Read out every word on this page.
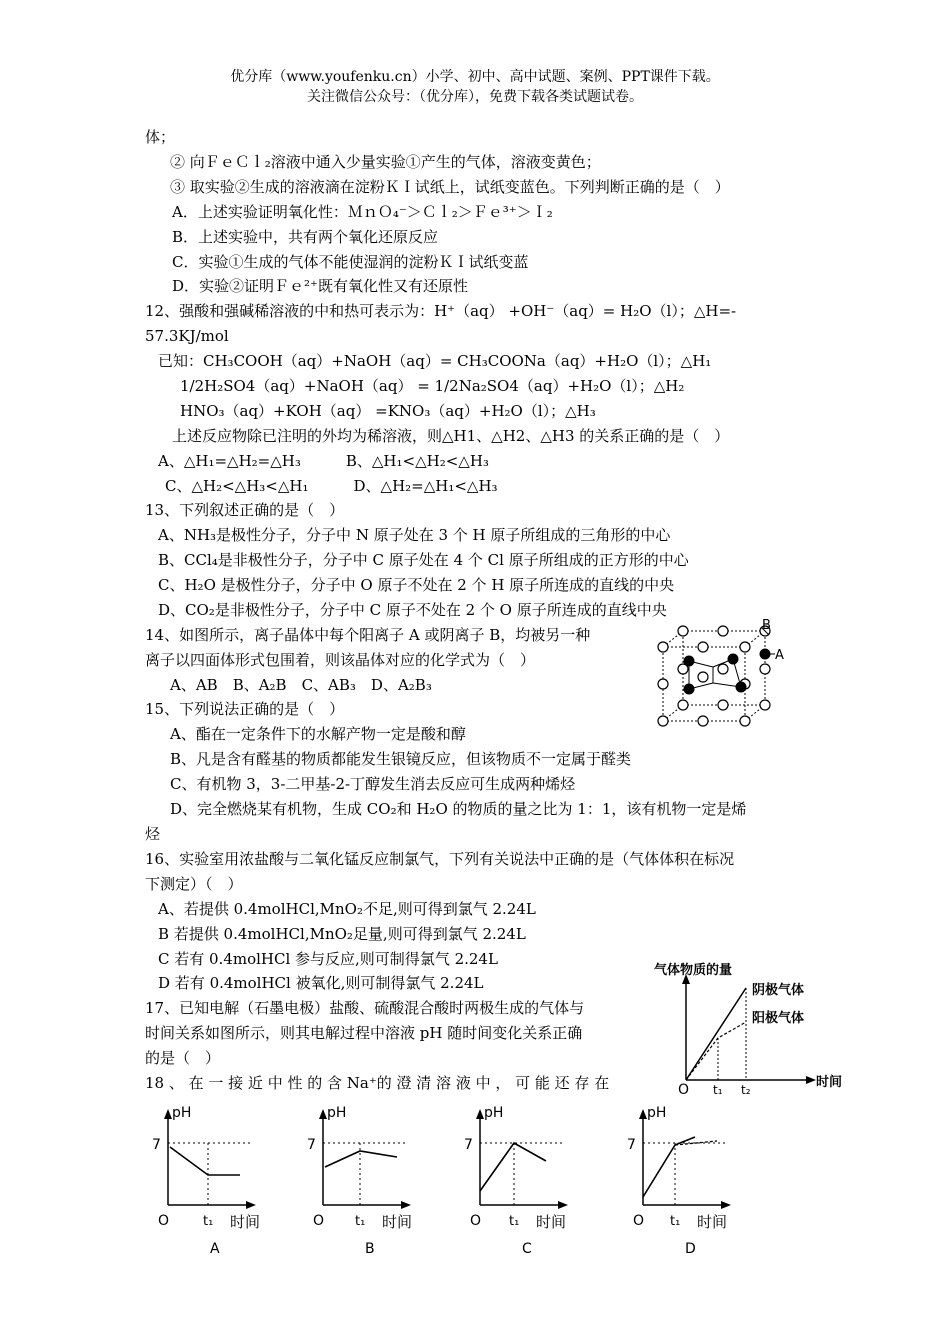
优分库（www.youfenku.cn）小学、初中、高中试题、案例、PPT课件下载。
关注微信公众号：（优分库），免费下载各类试题试卷。
体；
② 向ＦｅＣｌ₂溶液中通入少量实验①产生的气体，溶液变黄色；
③ 取实验②生成的溶液滴在淀粉ＫＩ试纸上，试纸变蓝色。下列判断正确的是（　）
A．上述实验证明氧化性：ＭｎＯ₄⁻＞Ｃｌ₂＞Ｆｅ³⁺＞Ｉ₂
B．上述实验中，共有两个氧化还原反应
C．实验①生成的气体不能使湿润的淀粉ＫＩ试纸变蓝
D．实验②证明Ｆｅ²⁺既有氧化性又有还原性
12、强酸和强碱稀溶液的中和热可表示为：H⁺（aq） +OH⁻（aq）= H₂O（l）；△H=-
57.3KJ/mol
已知：CH₃COOH（aq）+NaOH（aq）= CH₃COONa（aq）+H₂O（l）；△H₁
1/2H₂SO4（aq）+NaOH（aq） = 1/2Na₂SO4（aq）+H₂O（l）；△H₂
HNO₃（aq）+KOH（aq） =KNO₃（aq）+H₂O（l）；△H₃
上述反应物除已注明的外均为稀溶液，则△H1、△H2、△H3 的关系正确的是（　）
A、△H₁=△H₂=△H₃　　　B、△H₁<△H₂<△H₃
C、△H₂<△H₃<△H₁　　　D、△H₂=△H₁<△H₃
13、下列叙述正确的是（　）
A、NH₃是极性分子，分子中 N 原子处在 3 个 H 原子所组成的三角形的中心
B、CCl₄是非极性分子，分子中 C 原子处在 4 个 Cl 原子所组成的正方形的中心
C、H₂O 是极性分子，分子中 O 原子不处在 2 个 H 原子所连成的直线的中央
D、CO₂是非极性分子，分子中 C 原子不处在 2 个 O 原子所连成的直线中央
14、如图所示，离子晶体中每个阳离子 A 或阴离子 B，均被另一种
离子以四面体形式包围着，则该晶体对应的化学式为（　）
A、AB　B、A₂B　C、AB₃　D、A₂B₃
B
A
15、下列说法正确的是（　）
A、酯在一定条件下的水解产物一定是酸和醇
B、凡是含有醛基的物质都能发生银镜反应，但该物质不一定属于醛类
C、有机物 3，3-二甲基-2-丁醇发生消去反应可生成两种烯烃
D、完全燃烧某有机物，生成 CO₂和 H₂O 的物质的量之比为 1：1，该有机物一定是烯
烃
16、实验室用浓盐酸与二氧化锰反应制氯气，下列有关说法中正确的是（气体体积在标况
下测定）（　）
A、若提供 0.4molHCl,MnO₂不足,则可得到氯气 2.24L
B 若提供 0.4molHCl,MnO₂足量,则可得到氯气 2.24L
C 若有 0.4molHCl 参与反应,则可制得氯气 2.24L
D 若有 0.4molHCl 被氧化,则可制得氯气 2.24L
17、已知电解（石墨电极）盐酸、硫酸混合酸时两极生成的气体与
时间关系如图所示，则其电解过程中溶液 pH 随时间变化关系正确
的是（　）
气体物质的量
阴极气体
阳极气体
O t₁ t₂	时间
18 、 在 一 接 近 中 性 的 含 Na⁺的 澄 清 溶 液 中 ， 可 能 还 存 在
pH
7
O	t₁ 时间
A
pH
7
O t₁ 时间
B
pH
7
O t₁ 时间
C
pH
7
O t₁ 时间
D
